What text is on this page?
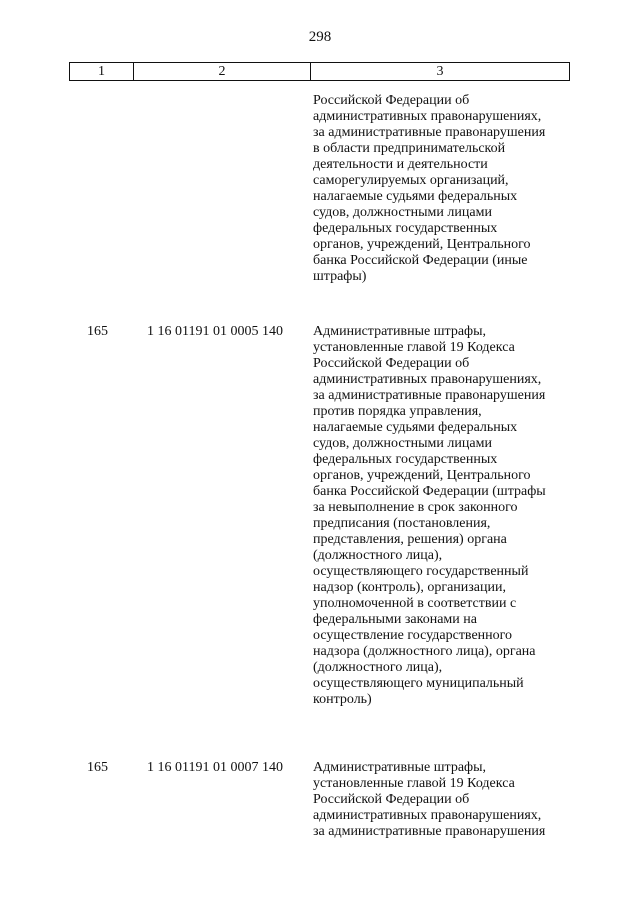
298
1	2	3
Российской Федерации об
административных правонарушениях,
за административные правонарушения
в области предпринимательской
деятельности и деятельности
саморегулируемых организаций,
налагаемые судьями федеральных
судов, должностными лицами
федеральных государственных
органов, учреждений, Центрального
банка Российской Федерации (иные
штрафы)
165	1 16 01191 01 0005 140 Административные штрафы,
установленные главой 19 Кодекса
Российской Федерации об
административных правонарушениях,
за административные правонарушения
против порядка управления,
налагаемые судьями федеральных
судов, должностными лицами
федеральных государственных
органов, учреждений, Центрального
банка Российской Федерации (штрафы
за невыполнение в срок законного
предписания (постановления,
представления, решения) органа
(должностного лица),
осуществляющего государственный
надзор (контроль), организации,
уполномоченной в соответствии с
федеральными законами на
осуществление государственного
надзора (должностного лица), органа
(должностного лица),
осуществляющего муниципальный
контроль)
165	1 16 01191 01 0007 140 Административные штрафы,
установленные главой 19 Кодекса
Российской Федерации об
административных правонарушениях,
за административные правонарушения
